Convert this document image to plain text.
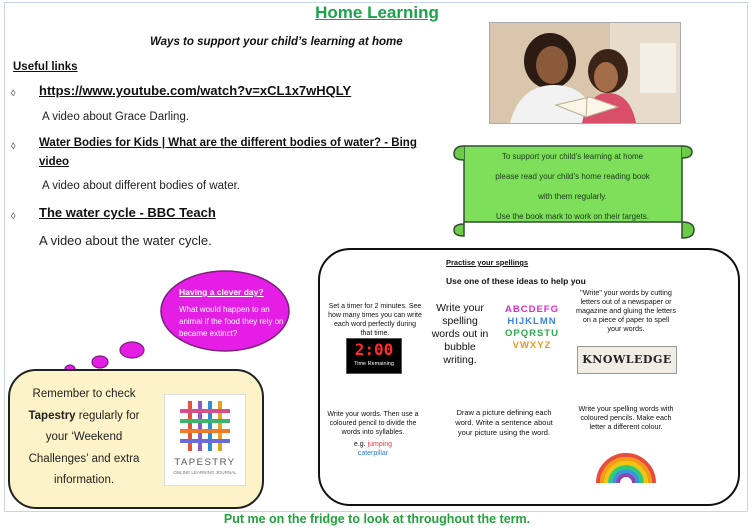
Home Learning
Ways to support your child’s learning at home
Useful links
◊ https://www.youtube.com/watch?v=xCL1x7wHQLY
A video about Grace Darling.
◊ Water Bodies for Kids | What are the different bodies of water? - Bing
video
A video about different bodies of water.
◊ The water cycle - BBC Teach
A video about the water cycle.
To support your child’s learning at home
please read your child’s home reading book
with them regularly.
Use the book mark to work on their targets.
Having a clever day?
What would happen to an animal if the food they rely on became extinct?
Practise your spellings
Use one of these ideas to help you
Set a timer for 2 minutes. See how many times you can write each word perfectly during that time.
2:00
Time Remaining
Write your spelling words out in bubble writing.
ABCDEFG
HIJKLMN
OPQRSTU
VWXYZ
"Write" your words by cutting letters out of a newspaper or magazine and gluing the letters on a piece of paper to spell your words.
KNOWLEDGE
Write your words. Then use a coloured pencil to divide the words into syllables.
e.g. jumping
caterpillar
Draw a picture defining each word. Write a sentence about your picture using the word.
Write your spelling words with coloured pencils. Make each letter a different colour.
Remember to check
Tapestry regularly for
your ‘Weekend
Challenges’ and extra
information.
TAPESTRY
ONLINE LEARNING JOURNAL
Put me on the fridge to look at throughout the term.
